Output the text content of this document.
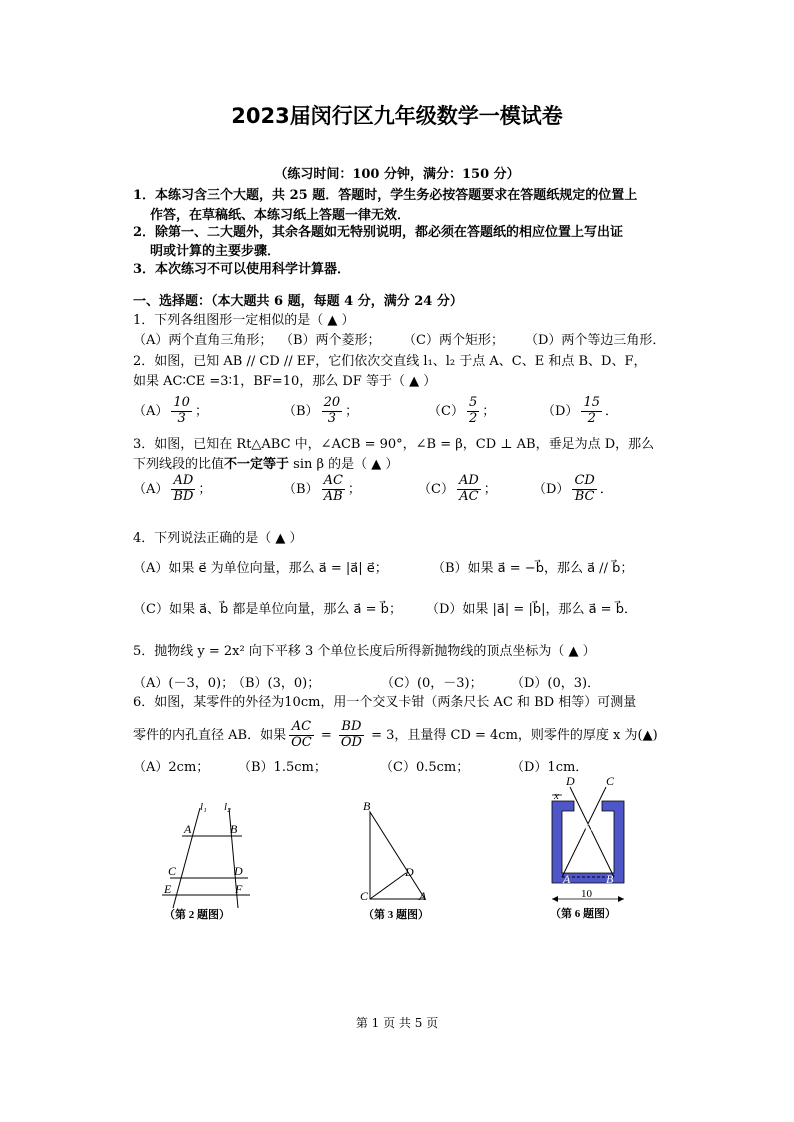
2023届闵行区九年级数学一模试卷
（练习时间：100 分钟，满分：150 分）
1．本练习含三个大题，共 25 题．答题时，学生务必按答题要求在答题纸规定的位置上
作答，在草稿纸、本练习纸上答题一律无效．
2．除第一、二大题外，其余各题如无特别说明，都必须在答题纸的相应位置上写出证
明或计算的主要步骤．
3．本次练习不可以使用科学计算器．
一、选择题：（本大题共 6 题，每题 4 分，满分 24 分）
1．下列各组图形一定相似的是（ ▲ ）
（A）两个直角三角形； （B）两个菱形； （C）两个矩形； （D）两个等边三角形．
2．如图，已知 AB // CD // EF，它们依次交直线 l₁、l₂ 于点 A、C、E 和点 B、D、F，
如果 AC∶CE =3∶1，BF=10，那么 DF 等于（ ▲ ）
$(A) \frac{10}{3}$ ；	$(B) \frac{20}{3}$ ；	$(C) \frac{5}{2}$ ；	$(D) \frac{15}{2}$ ．
3．如图，已知在 Rt△ABC 中，∠ACB = 90°，∠B = β，CD ⊥ AB，垂足为点 D，那么
下列线段的比值不一定等于 sin β 的是（ ▲ ）
$(A) \frac{AD}{BD}$ ；	$(B) \frac{AC}{AB}$ ；	$(C) \frac{AD}{AC}$ ；	$(D) \frac{CD}{BC}$ ．
4．下列说法正确的是（ ▲ ）
（A）如果 e⃗ 为单位向量，那么 a⃗ = |a⃗| e⃗；	（B）如果 a⃗ = −b⃗，那么 a⃗ // b⃗；
（C）如果 a⃗、b⃗ 都是单位向量，那么 a⃗ = b⃗； （D）如果 |a⃗| = |b⃗|，那么 a⃗ = b⃗．
5．抛物线 y = 2x² 向下平移 3 个单位长度后所得新抛物线的顶点坐标为（ ▲ ）
（A）(－3，0)；
（B）(3，0)；	（C）(0，－3)； （D）(0，3)．
6．如图，某零件的外径为10cm，用一个交叉卡钳（两条尺长 AC 和 BD 相等）可测量
零件的内孔直径 AB．如果 $\frac{AC}{OC} = \frac{BD}{OD} = 3$，且量得 CD = 4cm，则零件的厚度 x 为(▲)
（A）2cm； （B）1.5cm；	（C）0.5cm；	（D）1cm．
l₁ l₂
A	B
C	D
E	F
（第 2 题图）
B
D
C	A
（第 3 题图）
D	C
x
O
A	B
10
（第 6 题图）
第 1 页 共 5 页
